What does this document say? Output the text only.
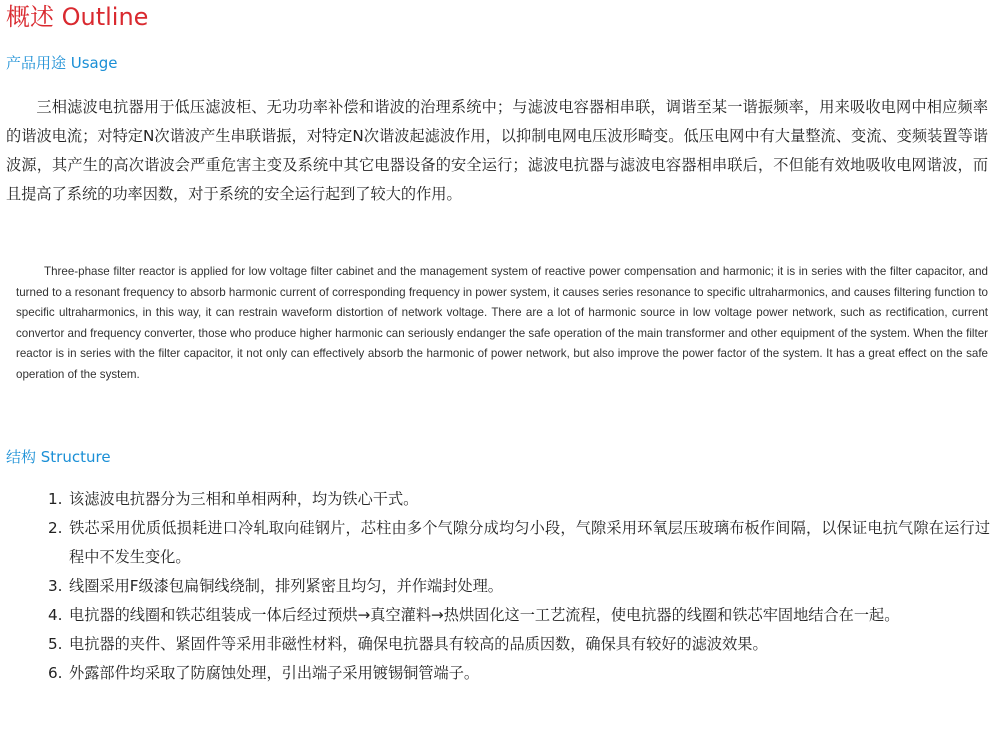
概述 Outline
产品用途 Usage

三相滤波电抗器用于低压滤波柜、无功功率补偿和谐波的治理系统中；与滤波电容器相串联，调谐至某一谐振频率，用来吸收电网中相应频率的谐波电流；对特定N次谐波产生串联谐振，对特定N次谐波起滤波作用，以抑制电网电压波形畸变。低压电网中有大量整流、变流、变频装置等谐波源，其产生的高次谐波会严重危害主变及系统中其它电器设备的安全运行；滤波电抗器与滤波电容器相串联后，不但能有效地吸收电网谐波，而且提高了系统的功率因数，对于系统的安全运行起到了较大的作用。

Three-phase filter reactor is applied for low voltage filter cabinet and the management system of reactive power compensation and harmonic; it is in series with the filter capacitor, and turned to a resonant frequency to absorb harmonic current of corresponding frequency in power system, it causes series resonance to specific ultraharmonics, and causes filtering function to specific ultraharmonics, in this way, it can restrain waveform distortion of network voltage. There are a lot of harmonic source in low voltage power network, such as rectification, current convertor and frequency converter, those who produce higher harmonic can seriously endanger the safe operation of the main transformer and other equipment of the system. When the filter reactor is in series with the filter capacitor, it not only can effectively absorb the harmonic of power network, but also improve the power factor of the system. It has a great effect on the safe operation of the system.

结构 Structure
1. 该滤波电抗器分为三相和单相两种，均为铁心干式。
2. 铁芯采用优质低损耗进口冷轧取向硅钢片，芯柱由多个气隙分成均匀小段，气隙采用环氧层压玻璃布板作间隔，以保证电抗气隙在运行过程中不发生变化。
3. 线圈采用F级漆包扁铜线绕制，排列紧密且均匀，并作端封处理。
4. 电抗器的线圈和铁芯组装成一体后经过预烘→真空灌料→热烘固化这一工艺流程，使电抗器的线圈和铁芯牢固地结合在一起。
5. 电抗器的夹件、紧固件等采用非磁性材料，确保电抗器具有较高的品质因数，确保具有较好的滤波效果。
6. 外露部件均采取了防腐蚀处理，引出端子采用镀锡铜管端子。
